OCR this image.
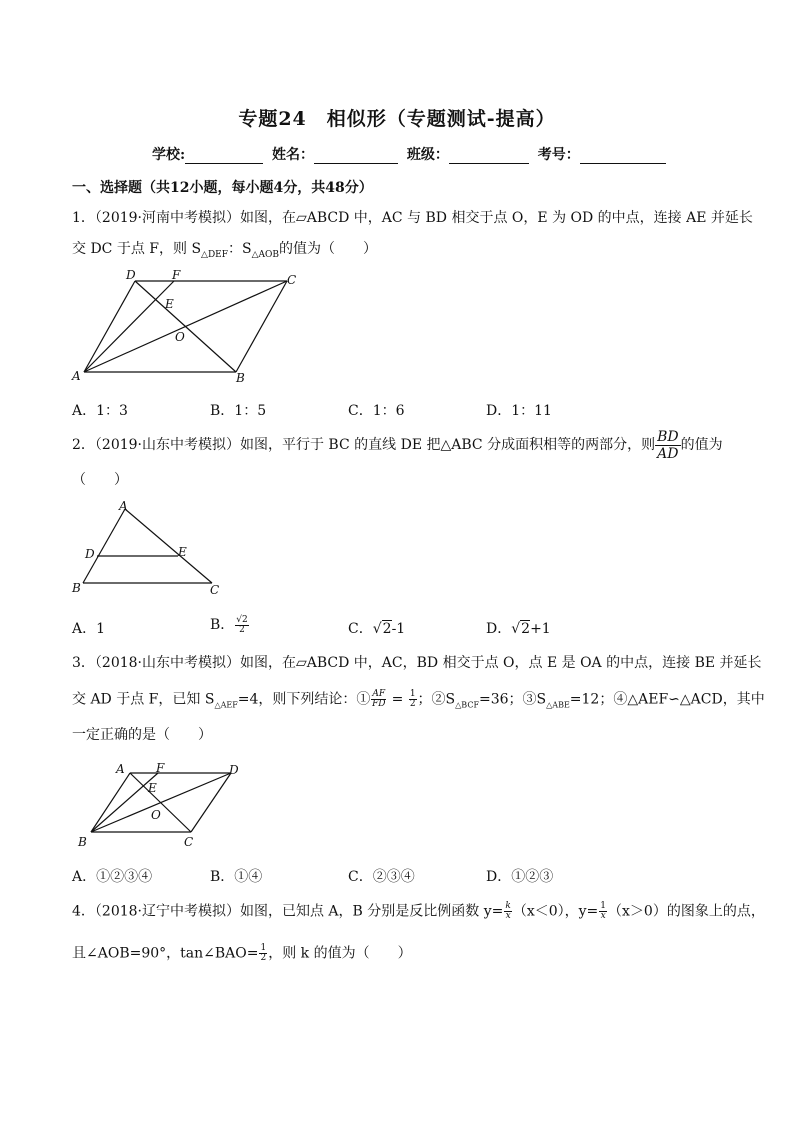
专题24　相似形（专题测试-提高）
学校:	姓名：	班级：	考号：
一、选择题（共12小题，每小题4分，共48分）
1．（2019·河南中考模拟）如图，在▱ABCD 中，AC 与 BD 相交于点 O，E 为 OD 的中点，连接 AE 并延长
交 DC 于点 F，则 $S_{\triangle DEF}$：$S_{\triangle AOB}$的值为（　　）
D	F	C
E
O
A	B
A．1：3	B．1：5	C．1：6	D．1：11
2．（2019·山东中考模拟）如图，平行于 BC 的直线 DE 把△ABC 分成面积相等的两部分，则 $\frac{BD}{AD}$的值为
（　　）
A
D	E
B	C
A．1	B． $\frac{√2}{2}$	C．√2-1	D．√2+1
3．（2018·山东中考模拟）如图，在▱ABCD 中，AC，BD 相交于点 O，点 E 是 OA 的中点，连接 BE 并延长
交 AD 于点 F，已知 $S_{\triangle AEF}=4$，则下列结论：① $\frac{AF}{FD} = \frac{1}{2}$ ；$②S_{\triangle BCF}=36$；$③S_{\triangle ABE}=12$；④△AEF∽△ACD，其中
一定正确的是（　　）
A	F	D
E
O
B	C
A．①②③④	B．①④	C．②③④	D．①②③
4．（2018·辽宁中考模拟）如图，已知点 A，B 分别是反比例函数 $y= \frac{k}{x} (x<0)$，$y= \frac{1}{x} (x>0)$的图象上的点，
且∠AOB=90°，tan∠BAO= $\frac{1}{2}$ ，则 k 的值为（　　）
